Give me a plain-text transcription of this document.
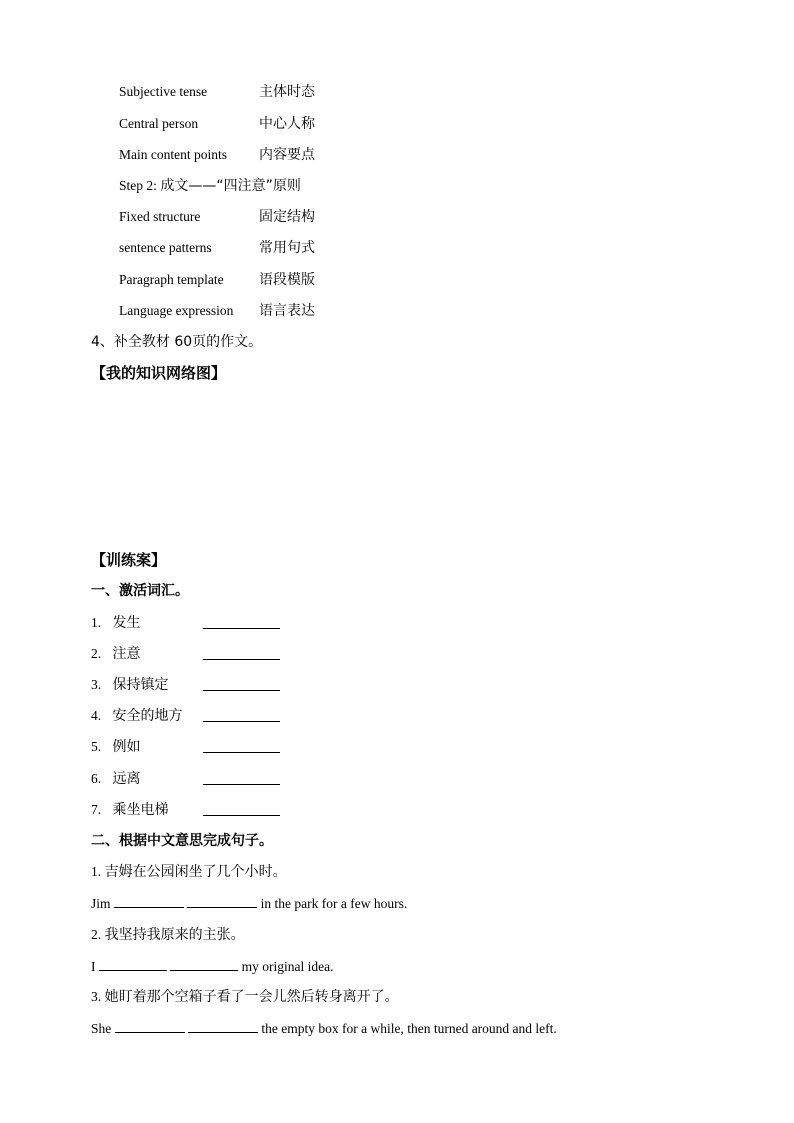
Subjective tense	主体时态
Central person	中心人称
Main content points 内容要点
Step 2: 成文——“四注意”原则
Fixed structure	固定结构
sentence patterns	常用句式
Paragraph template	语段模版
Language expression 语言表达
4、补全教材 60页的作文。
【我的知识网络图】
【训练案】
一、激活词汇。
1. 发生
2. 注意
3. 保持镇定
4. 安全的地方
5. 例如
6. 远离
7. 乘坐电梯
二、根据中文意思完成句子。
1. 吉姆在公园闲坐了几个小时。
Jim	in the park for a few hours.
2. 我坚持我原来的主张。
I	my original idea.
3. 她盯着那个空箱子看了一会儿然后转身离开了。
She	the empty box for a while, then turned around and left.
